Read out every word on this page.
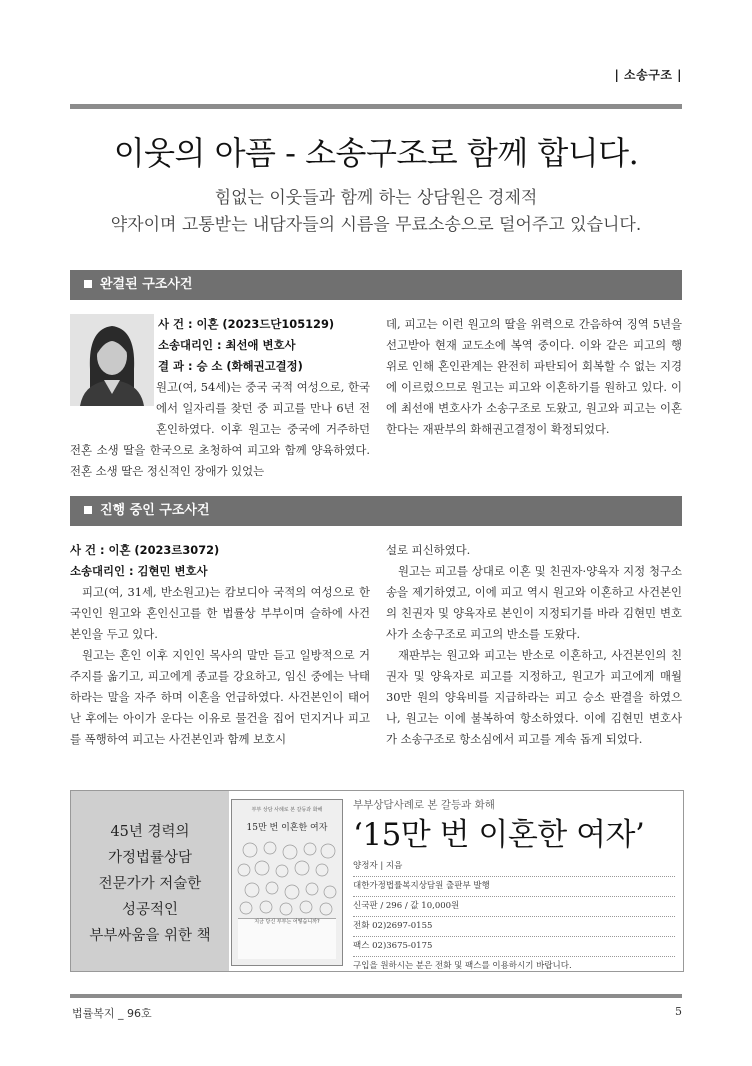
| 소송구조 |
이웃의 아픔 - 소송구조로 함께 합니다.
힘없는 이웃들과 함께 하는 상담원은 경제적
약자이며 고통받는 내담자들의 시름을 무료소송으로 덜어주고 있습니다.
완결된 구조사건
사 건 : 이혼 (2023드단105129)
소송대리인 : 최선애 변호사
결 과 : 승 소 (화해권고결정)

원고(여, 54세)는 중국 국적 여성으로, 한국에서 일자리를 찾던 중 피고를 만나 6년 전 혼인하였다. 이후 원고는 중국에 거주하던 전혼 소생 딸을 한국으로 초청하여 피고와 함께 양육하였다. 전혼 소생 딸은 정신적인 장애가 있었는

데, 피고는 이런 원고의 딸을 위력으로 간음하여 징역 5년을 선고받아 현재 교도소에 복역 중이다. 이와 같은 피고의 행위로 인해 혼인관계는 완전히 파탄되어 회복할 수 없는 지경에 이르렀으므로 원고는 피고와 이혼하기를 원하고 있다. 이에 최선애 변호사가 소송구조로 도왔고, 원고와 피고는 이혼한다는 재판부의 화해권고결정이 확정되었다.

진행 중인 구조사건
사 건 : 이혼 (2023르3072)
소송대리인 : 김현민 변호사

피고(여, 31세, 반소원고)는 캄보디아 국적의 여성으로 한국인인 원고와 혼인신고를 한 법률상 부부이며 슬하에 사건본인을 두고 있다.

원고는 혼인 이후 지인인 목사의 말만 듣고 일방적으로 거주지를 옮기고, 피고에게 종교를 강요하고, 임신 중에는 낙태하라는 말을 자주 하며 이혼을 언급하였다. 사건본인이 태어난 후에는 아이가 운다는 이유로 물건을 집어 던지거나 피고를 폭행하여 피고는 사건본인과 함께 보호시

설로 피신하였다.

원고는 피고를 상대로 이혼 및 친권자·양육자 지정 청구소송을 제기하였고, 이에 피고 역시 원고와 이혼하고 사건본인의 친권자 및 양육자로 본인이 지정되기를 바라 김현민 변호사가 소송구조로 피고의 반소를 도왔다.

재판부는 원고와 피고는 반소로 이혼하고, 사건본인의 친권자 및 양육자로 피고를 지정하고, 원고가 피고에게 매월 30만 원의 양육비를 지급하라는 피고 승소 판결을 하였으나, 원고는 이에 불복하여 항소하였다. 이에 김현민 변호사가 소송구조로 항소심에서 피고를 계속 돕게 되었다.

45년 경력의
가정법률상담
전문가가 저술한
성공적인
부부싸움을 위한 책
부부 상담 사례로 본 갈등과 화해
15만 번 이혼한 여자
지금 당신 부부는 어떻습니까?
부부상담사례로 본 갈등과 화해
‘15만 번 이혼한 여자’
양정자 | 지음
대한가정법률복지상담원 출판부 발행
신국판 / 296 / 값 10,000원
전화 02)2697-0155
팩스 02)3675-0175
구입을 원하시는 분은 전화 및 팩스를 이용하시기 바랍니다.
법률복지 _ 96호	5
